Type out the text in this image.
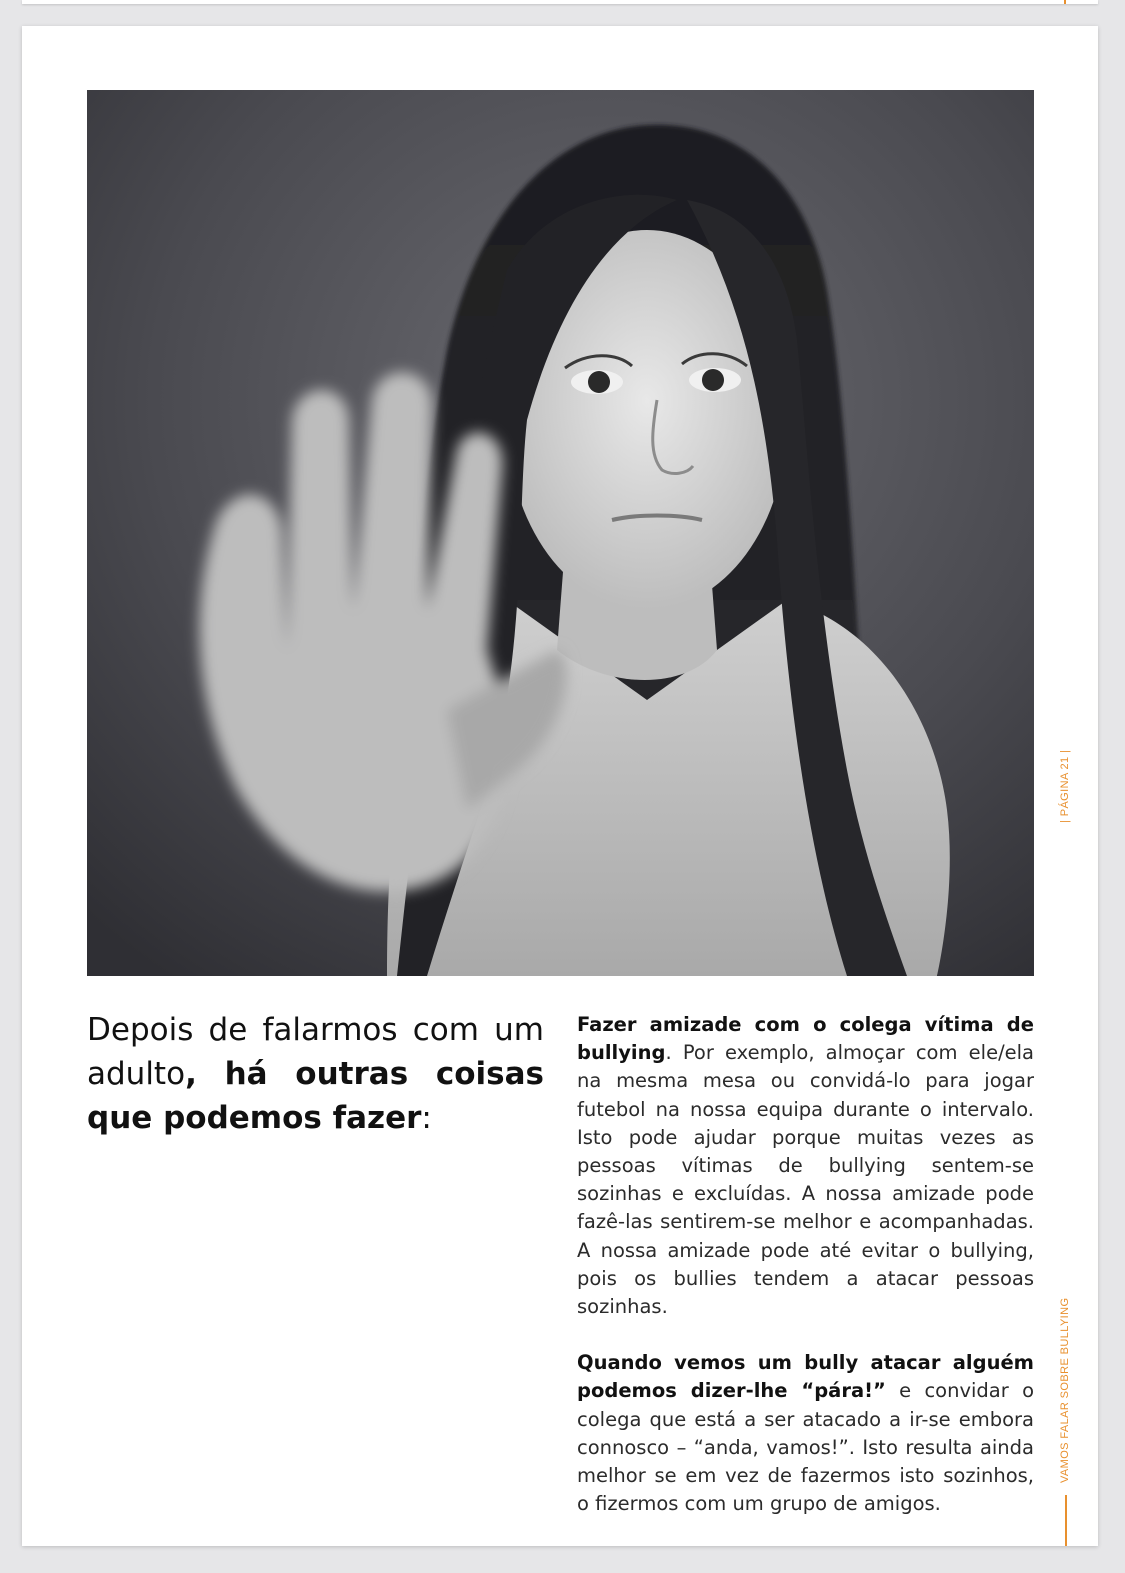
Depois de falarmos com um adulto, há outras coisas que podemos fazer:

Fazer amizade com o colega vítima de bullying. Por exemplo, almoçar com ele/ela na mesma mesa ou convidá-lo para jogar futebol na nossa equipa durante o intervalo. Isto pode ajudar porque muitas vezes as pessoas vítimas de bullying sentem-se sozinhas e excluídas. A nossa amizade pode fazê-las sentirem-se melhor e acompanhadas. A nossa amizade pode até evitar o bullying, pois os bullies tendem a atacar pessoas sozinhas.

Quando vemos um bully atacar alguém podemos dizer-lhe “pára!” e convidar o colega que está a ser atacado a ir-se embora connosco – “anda, vamos!”. Isto resulta ainda melhor se em vez de fazermos isto sozinhos, o fizermos com um grupo de amigos.

| PÁGINA 21 |
VAMOS FALAR SOBRE BULLYING
